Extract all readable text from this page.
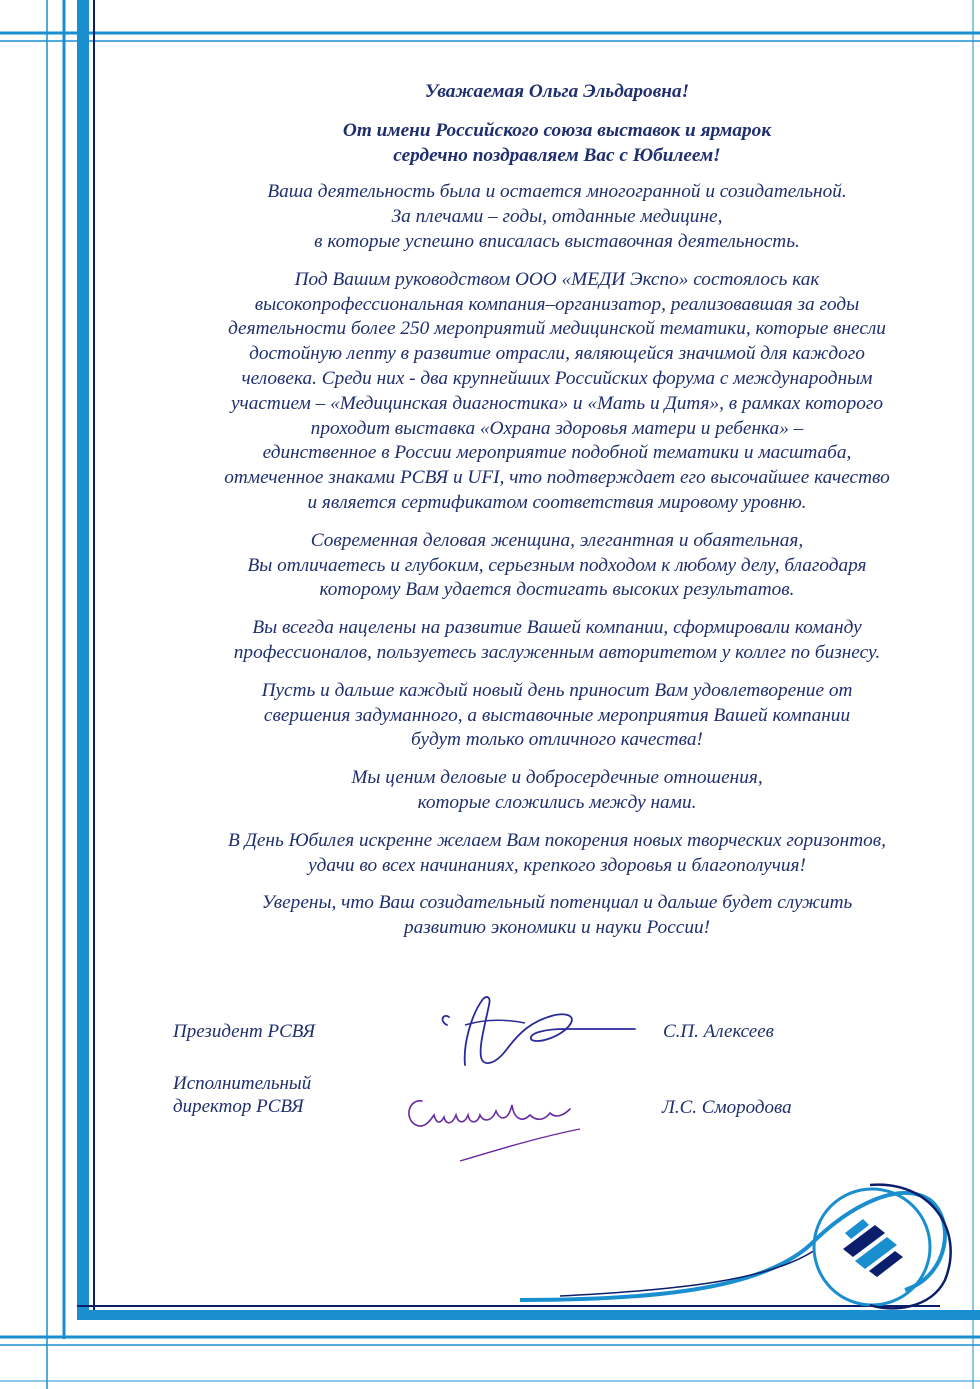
Уважаемая Ольга Эльдаровна!

От имени Российского союза выставок и ярмарок
сердечно поздравляем Вас с Юбилеем!

Ваша деятельность была и остается многогранной и созидательной.
За плечами – годы, отданные медицине,
в которые успешно вписалась выставочная деятельность.

Под Вашим руководством ООО «МЕДИ Экспо» состоялось как
высокопрофессиональная компания–организатор, реализовавшая за годы
деятельности более 250 мероприятий медицинской тематики, которые внесли
достойную лепту в развитие отрасли, являющейся значимой для каждого
человека. Среди них - два крупнейших Российских форума с международным
участием – «Медицинская диагностика» и «Мать и Дитя», в рамках которого
проходит выставка «Охрана здоровья матери и ребенка» –
единственное в России мероприятие подобной тематики и масштаба,
отмеченное знаками РСВЯ и UFI, что подтверждает его высочайшее качество
и является сертификатом соответствия мировому уровню.

Современная деловая женщина, элегантная и обаятельная,
Вы отличаетесь и глубоким, серьезным подходом к любому делу, благодаря
которому Вам удается достигать высоких результатов.

Вы всегда нацелены на развитие Вашей компании, сформировали команду
профессионалов, пользуетесь заслуженным авторитетом у коллег по бизнесу.

Пусть и дальше каждый новый день приносит Вам удовлетворение от
свершения задуманного, а выставочные мероприятия Вашей компании
будут только отличного качества!

Мы ценим деловые и добросердечные отношения,
которые сложились между нами.

В День Юбилея искренне желаем Вам покорения новых творческих горизонтов,
удачи во всех начинаниях, крепкого здоровья и благополучия!

Уверены, что Ваш созидательный потенциал и дальше будет служить
развитию экономики и науки России!

Президент РСВЯ	С.П. Алексеев
Исполнительный
директор РСВЯ	Л.С. Смородова
